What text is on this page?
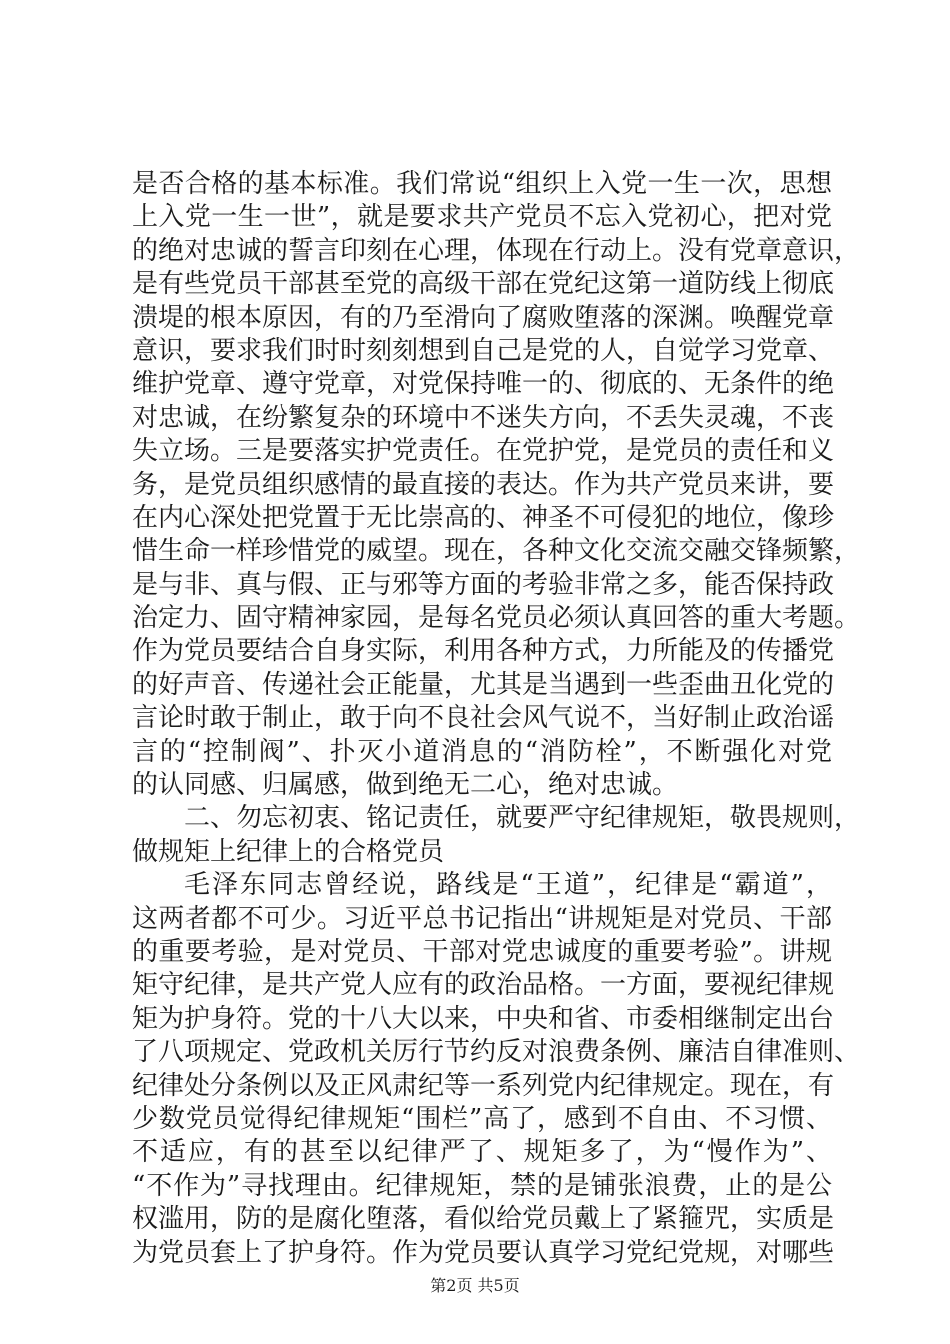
是否合格的基本标准。我们常说“组织上入党一生一次，思想
上入党一生一世”，就是要求共产党员不忘入党初心，把对党
的绝对忠诚的誓言印刻在心理，体现在行动上。没有党章意识，
是有些党员干部甚至党的高级干部在党纪这第一道防线上彻底
溃堤的根本原因，有的乃至滑向了腐败堕落的深渊。唤醒党章
意识，要求我们时时刻刻想到自己是党的人，自觉学习党章、
维护党章、遵守党章，对党保持唯一的、彻底的、无条件的绝
对忠诚，在纷繁复杂的环境中不迷失方向，不丢失灵魂，不丧
失立场。三是要落实护党责任。在党护党，是党员的责任和义
务，是党员组织感情的最直接的表达。作为共产党员来讲，要
在内心深处把党置于无比崇高的、神圣不可侵犯的地位，像珍
惜生命一样珍惜党的威望。现在，各种文化交流交融交锋频繁，
是与非、真与假、正与邪等方面的考验非常之多，能否保持政
治定力、固守精神家园，是每名党员必须认真回答的重大考题。
作为党员要结合自身实际，利用各种方式，力所能及的传播党
的好声音、传递社会正能量，尤其是当遇到一些歪曲丑化党的
言论时敢于制止，敢于向不良社会风气说不，当好制止政治谣
言的“控制阀”、扑灭小道消息的“消防栓”，不断强化对党
的认同感、归属感，做到绝无二心，绝对忠诚。
二、勿忘初衷、铭记责任，就要严守纪律规矩，敬畏规则，
做规矩上纪律上的合格党员
毛泽东同志曾经说，路线是“王道”，纪律是“霸道”，
这两者都不可少。习近平总书记指出“讲规矩是对党员、干部
的重要考验，是对党员、干部对党忠诚度的重要考验”。讲规
矩守纪律，是共产党人应有的政治品格。一方面，要视纪律规
矩为护身符。党的十八大以来，中央和省、市委相继制定出台
了八项规定、党政机关厉行节约反对浪费条例、廉洁自律准则、
纪律处分条例以及正风肃纪等一系列党内纪律规定。现在，有
少数党员觉得纪律规矩“围栏”高了，感到不自由、不习惯、
不适应，有的甚至以纪律严了、规矩多了，为“慢作为”、
“不作为”寻找理由。纪律规矩，禁的是铺张浪费，止的是公
权滥用，防的是腐化堕落，看似给党员戴上了紧箍咒，实质是
为党员套上了护身符。作为党员要认真学习党纪党规，对哪些
第2页 共5页
